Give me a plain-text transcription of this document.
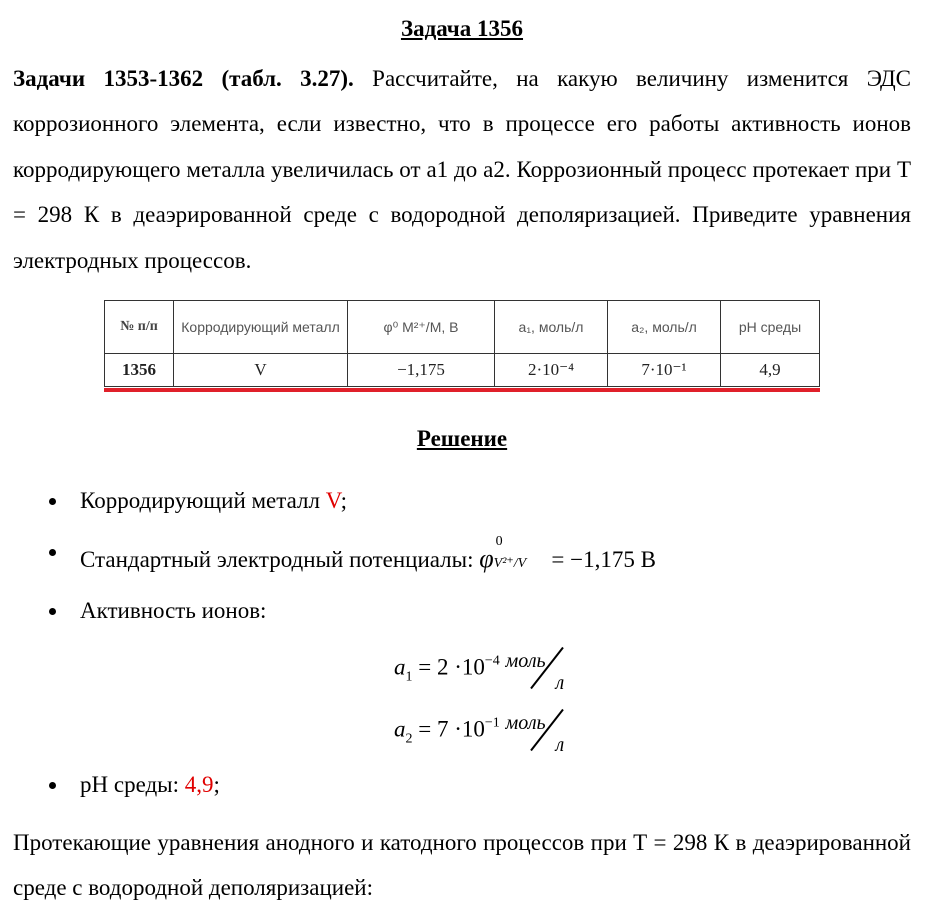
Задача 1356
Задачи 1353-1362 (табл. 3.27). Рассчитайте, на какую величину изменится ЭДС коррозионного элемента, если известно, что в процессе его работы активность ионов корродирующего металла увеличилась от a1 до a2. Коррозионный процесс протекает при Т = 298 К в деаэрированной среде с водородной деполяризацией. Приведите уравнения электродных процессов.
№ п/п	Корродирующий металл	φ⁰ M²⁺/M, В	a₁, моль/л	a₂, моль/л	pH среды
1356	V	−1,175	2·10⁻⁴	7·10⁻¹	4,9
Решение
Корродирующий металл V;
Стандартный электродный потенциалы: φ
0
V²⁺/V = −1,175 В
Активность ионов:
$a_1 = 2 \cdot 10^{-4}$ моль
л
$a_2 = 7 \cdot 10^{-1}$ моль
л
pH среды: 4,9;
Протекающие уравнения анодного и катодного процессов при Т = 298 К в деаэрированной среде с водородной деполяризацией:
